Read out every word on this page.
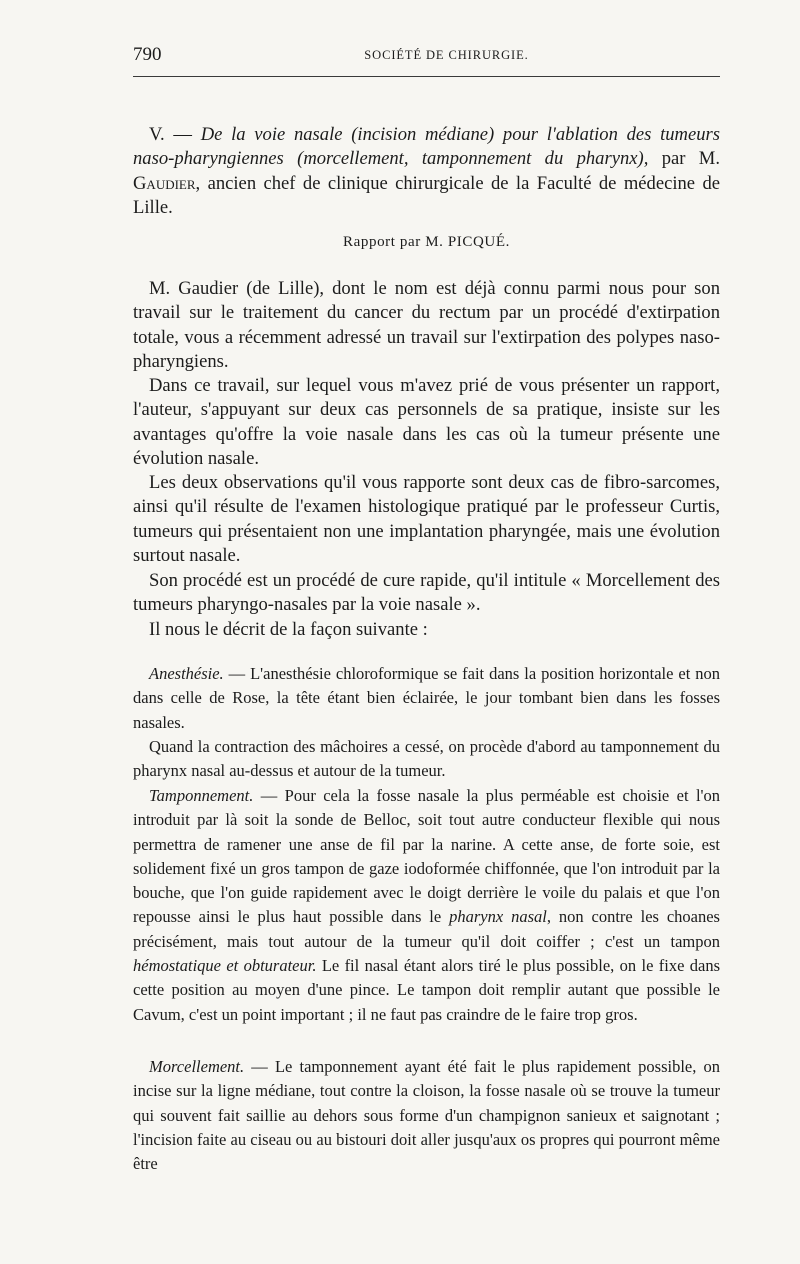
790	SOCIÉTÉ DE CHIRURGIE.

V. — De la voie nasale (incision médiane) pour l'ablation des tumeurs naso-pharyngiennes (morcellement, tamponnement du pharynx), par M. Gaudier, ancien chef de clinique chirurgicale de la Faculté de médecine de Lille.

Rapport par M. PICQUÉ.

M. Gaudier (de Lille), dont le nom est déjà connu parmi nous pour son travail sur le traitement du cancer du rectum par un procédé d'extirpation totale, vous a récemment adressé un travail sur l'extirpation des polypes naso-pharyngiens.

Dans ce travail, sur lequel vous m'avez prié de vous présenter un rapport, l'auteur, s'appuyant sur deux cas personnels de sa pratique, insiste sur les avantages qu'offre la voie nasale dans les cas où la tumeur présente une évolution nasale.

Les deux observations qu'il vous rapporte sont deux cas de fibro-sarcomes, ainsi qu'il résulte de l'examen histologique pratiqué par le professeur Curtis, tumeurs qui présentaient non une implantation pharyngée, mais une évolution surtout nasale.

Son procédé est un procédé de cure rapide, qu'il intitule « Morcellement des tumeurs pharyngo-nasales par la voie nasale ».

Il nous le décrit de la façon suivante :

Anesthésie. — L'anesthésie chloroformique se fait dans la position horizontale et non dans celle de Rose, la tête étant bien éclairée, le jour tombant bien dans les fosses nasales.

Quand la contraction des mâchoires a cessé, on procède d'abord au tamponnement du pharynx nasal au-dessus et autour de la tumeur.

Tamponnement. — Pour cela la fosse nasale la plus perméable est choisie et l'on introduit par là soit la sonde de Belloc, soit tout autre conducteur flexible qui nous permettra de ramener une anse de fil par la narine. A cette anse, de forte soie, est solidement fixé un gros tampon de gaze iodoformée chiffonnée, que l'on introduit par la bouche, que l'on guide rapidement avec le doigt derrière le voile du palais et que l'on repousse ainsi le plus haut possible dans le pharynx nasal, non contre les choanes précisément, mais tout autour de la tumeur qu'il doit coiffer ; c'est un tampon hémostatique et obturateur. Le fil nasal étant alors tiré le plus possible, on le fixe dans cette position au moyen d'une pince. Le tampon doit remplir autant que possible le Cavum, c'est un point important ; il ne faut pas craindre de le faire trop gros.

Morcellement. — Le tamponnement ayant été fait le plus rapidement possible, on incise sur la ligne médiane, tout contre la cloison, la fosse nasale où se trouve la tumeur qui souvent fait saillie au dehors sous forme d'un champignon sanieux et saignotant ; l'incision faite au ciseau ou au bistouri doit aller jusqu'aux os propres qui pourront même être
